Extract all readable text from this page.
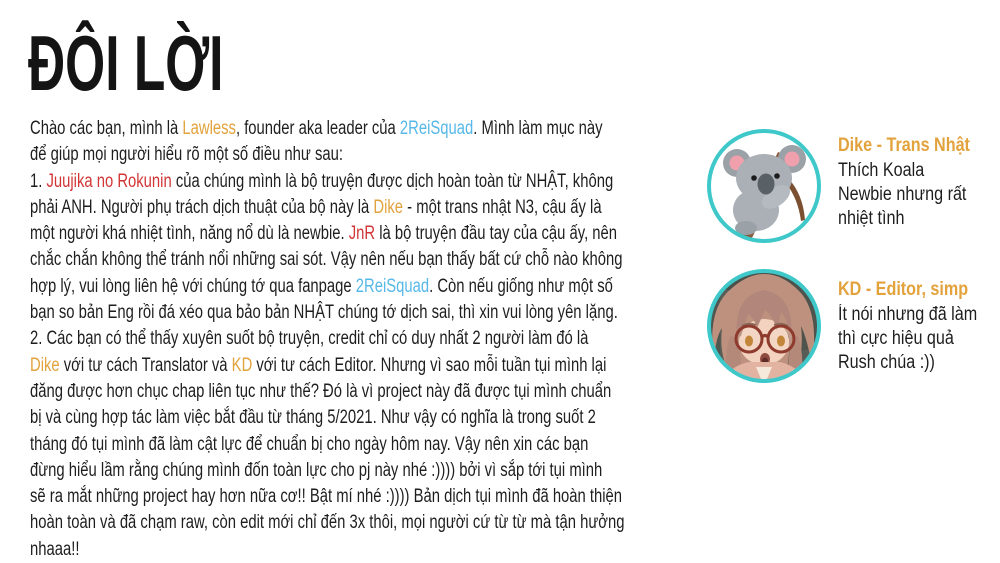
ĐÔI LỜI
Chào các bạn, mình là Lawless, founder aka leader của 2ReiSquad. Mình làm mục này
để giúp mọi người hiểu rõ một số điều như sau:
1. Juujika no Rokunin của chúng mình là bộ truyện được dịch hoàn toàn từ NHẬT, không
phải ANH. Người phụ trách dịch thuật của bộ này là Dike - một trans nhật N3, cậu ấy là
một người khá nhiệt tình, năng nổ dù là newbie. JnR là bộ truyện đầu tay của cậu ấy, nên
chắc chắn không thể tránh nổi những sai sót. Vậy nên nếu bạn thấy bất cứ chỗ nào không
hợp lý, vui lòng liên hệ với chúng tớ qua fanpage 2ReiSquad. Còn nếu giống như một số
bạn so bản Eng rồi đá xéo qua bảo bản NHẬT chúng tớ dịch sai, thì xin vui lòng yên lặng.
2. Các bạn có thể thấy xuyên suốt bộ truyện, credit chỉ có duy nhất 2 người làm đó là
Dike với tư cách Translator và KD với tư cách Editor. Nhưng vì sao mỗi tuần tụi mình lại
đăng được hơn chục chap liên tục như thế? Đó là vì project này đã được tụi mình chuẩn
bị và cùng hợp tác làm việc bắt đầu từ tháng 5/2021. Như vậy có nghĩa là trong suốt 2
tháng đó tụi mình đã làm cật lực để chuẩn bị cho ngày hôm nay. Vậy nên xin các bạn
đừng hiểu lầm rằng chúng mình đốn toàn lực cho pj này nhé :)))) bởi vì sắp tới tụi mình
sẽ ra mắt những project hay hơn nữa cơ!! Bật mí nhé :)))) Bản dịch tụi mình đã hoàn thiện
hoàn toàn và đã chạm raw, còn edit mới chỉ đến 3x thôi, mọi người cứ từ từ mà tận hưởng
nhaaa!!
Dike - Trans Nhật
Thích Koala
Newbie nhưng rất
nhiệt tình
KD - Editor, simp
Ít nói nhưng đã làm
thì cực hiệu quả
Rush chúa :))
